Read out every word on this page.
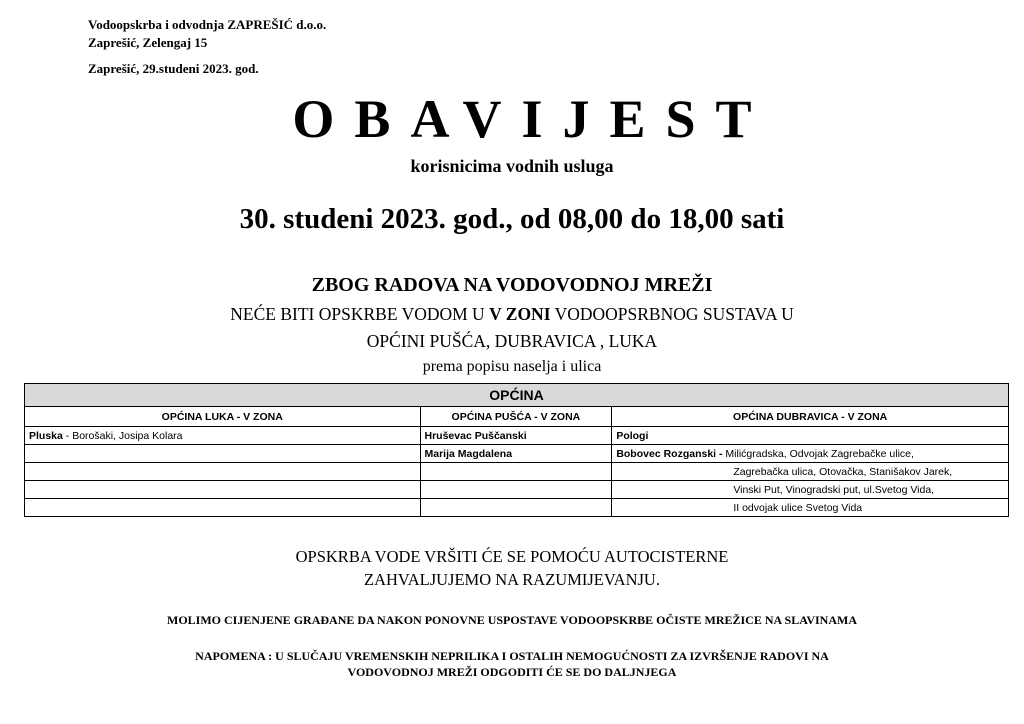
Vodoopskrba i odvodnja ZAPREŠIĆ d.o.o.
Zaprešić, Zelengaj 15
Zaprešić, 29.studeni 2023. god.
OBAVIJEST
korisnicima vodnih usluga
30. studeni 2023. god., od 08,00 do 18,00 sati
ZBOG RADOVA NA VODOVODNOJ MREŽI
NEĆE BITI OPSKRBE VODOM U V ZONI VODOOPSRBNOG SUSTAVA U
OPĆINI PUŠĆA, DUBRAVICA , LUKA
prema popisu naselja i ulica
OPĆINA		
OPĆINA LUKA - V ZONA	OPĆINA PUŠĆA - V ZONA	OPĆINA DUBRAVICA - V ZONA
Pluska - Borošaki, Josipa Kolara	Hruševac Puščanski	Pologi
	Marija Magdalena	Bobovec Rozganski - Milićgradska, Odvojak Zagrebačke ulice,
		Zagrebačka ulica, Otovačka, Stanišakov Jarek,
		Vinski Put, Vinogradski put, ul.Svetog Vida,
		II odvojak ulice Svetog Vida
OPSKRBA VODE VRŠITI ĆE SE POMOĆU AUTOCISTERNE
ZAHVALJUJEMO NA RAZUMIJEVANJU.
MOLIMO CIJENJENE GRAĐANE DA NAKON PONOVNE USPOSTAVE VODOOPSKRBE OČISTE MREŽICE NA SLAVINAMA
NAPOMENA : U SLUČAJU VREMENSKIH NEPRILIKA I OSTALIH NEMOGUĆNOSTI ZA IZVRŠENJE RADOVI NA
VODOVODNOJ MREŽI ODGODITI ĆE SE DO DALJNJEGA
